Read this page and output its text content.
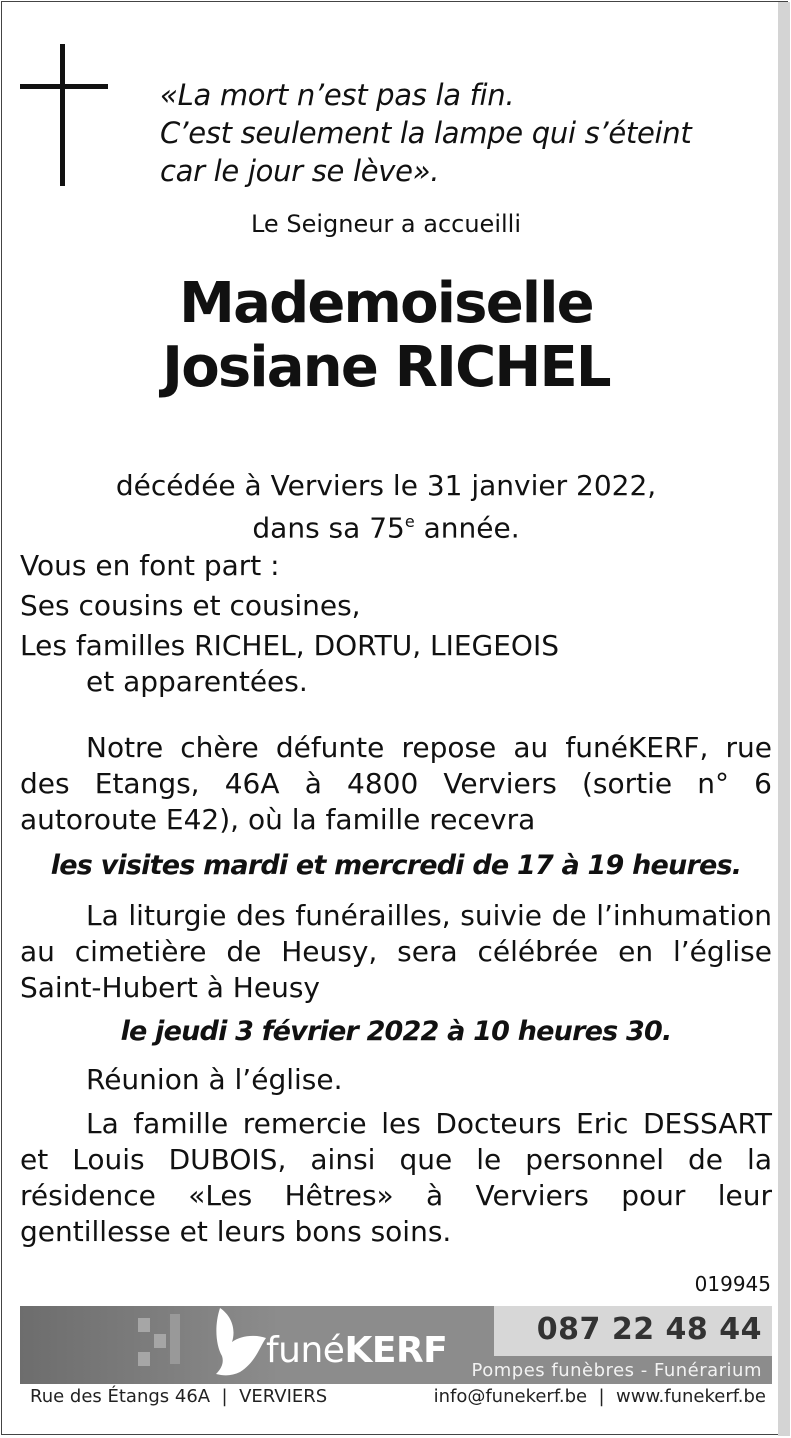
«La mort n’est pas la fin.
C’est seulement la lampe qui s’éteint
car le jour se lève».
Le Seigneur a accueilli
Mademoiselle
Josiane RICHEL
décédée à Verviers le 31 janvier 2022,
dans sa 75e année.

Vous en font part :

Ses cousins et cousines,

Les familles RICHEL, DORTU, LIEGEOIS

et apparentées.

Notre chère défunte repose au funéKERF, rue des Etangs, 46A à 4800 Verviers (sortie n° 6 autoroute E42), où la famille recevra

les visites mardi et mercredi de 17 à 19 heures.

La liturgie des funérailles, suivie de l’inhumation au cimetière de Heusy, sera célébrée en l’église Saint-Hubert à Heusy

le jeudi 3 février 2022 à 10 heures 30.
Réunion à l’église.

La famille remercie les Docteurs Eric DESSART et Louis DUBOIS, ainsi que le personnel de la résidence «Les Hêtres» à Verviers pour leur gentillesse et leurs bons soins.

019945
funéKERF
087 22 48 44
Pompes funèbres - Funérarium
Rue des Étangs 46A  |  VERVIERS	info@funekerf.be  |  www.funekerf.be
